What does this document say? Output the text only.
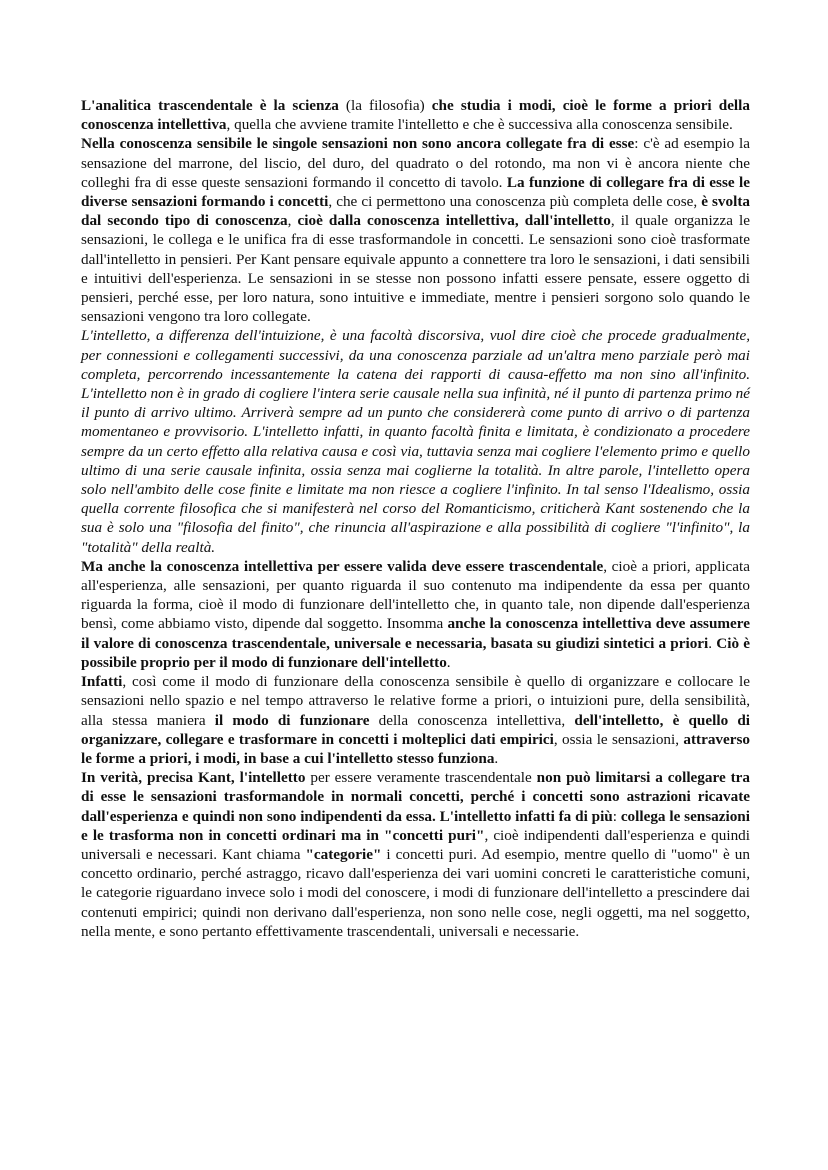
L'analitica trascendentale è la scienza (la filosofia) che studia i modi, cioè le forme a priori della conoscenza intellettiva, quella che avviene tramite l'intelletto e che è successiva alla conoscenza sensibile.

Nella conoscenza sensibile le singole sensazioni non sono ancora collegate fra di esse: c'è ad esempio la sensazione del marrone, del liscio, del duro, del quadrato o del rotondo, ma non vi è ancora niente che colleghi fra di esse queste sensazioni formando il concetto di tavolo. La funzione di collegare fra di esse le diverse sensazioni formando i concetti, che ci permettono una conoscenza più completa delle cose, è svolta dal secondo tipo di conoscenza, cioè dalla conoscenza intellettiva, dall'intelletto, il quale organizza le sensazioni, le collega e le unifica fra di esse trasformandole in concetti. Le sensazioni sono cioè trasformate dall'intelletto in pensieri. Per Kant pensare equivale appunto a connettere tra loro le sensazioni, i dati sensibili e intuitivi dell'esperienza. Le sensazioni in se stesse non possono infatti essere pensate, essere oggetto di pensieri, perché esse, per loro natura, sono intuitive e immediate, mentre i pensieri sorgono solo quando le sensazioni vengono tra loro collegate.

L'intelletto, a differenza dell'intuizione, è una facoltà discorsiva, vuol dire cioè che procede gradualmente, per connessioni e collegamenti successivi, da una conoscenza parziale ad un'altra meno parziale però mai completa, percorrendo incessantemente la catena dei rapporti di causa-effetto ma non sino all'infinito. L'intelletto non è in grado di cogliere l'intera serie causale nella sua infinità, né il punto di partenza primo né il punto di arrivo ultimo. Arriverà sempre ad un punto che considererà come punto di arrivo o di partenza momentaneo e provvisorio. L'intelletto infatti, in quanto facoltà finita e limitata, è condizionato a procedere sempre da un certo effetto alla relativa causa e così via, tuttavia senza mai cogliere l'elemento primo e quello ultimo di una serie causale infinita, ossia senza mai coglierne la totalità. In altre parole, l'intelletto opera solo nell'ambito delle cose finite e limitate ma non riesce a cogliere l'infinito. In tal senso l'Idealismo, ossia quella corrente filosofica che si manifesterà nel corso del Romanticismo, criticherà Kant sostenendo che la sua è solo una "filosofia del finito", che rinuncia all'aspirazione e alla possibilità di cogliere "l'infinito", la "totalità" della realtà.

Ma anche la conoscenza intellettiva per essere valida deve essere trascendentale, cioè a priori, applicata all'esperienza, alle sensazioni, per quanto riguarda il suo contenuto ma indipendente da essa per quanto riguarda la forma, cioè il modo di funzionare dell'intelletto che, in quanto tale, non dipende dall'esperienza bensì, come abbiamo visto, dipende dal soggetto. Insomma anche la conoscenza intellettiva deve assumere il valore di conoscenza trascendentale, universale e necessaria, basata su giudizi sintetici a priori. Ciò è possibile proprio per il modo di funzionare dell'intelletto.

Infatti, così come il modo di funzionare della conoscenza sensibile è quello di organizzare e collocare le sensazioni nello spazio e nel tempo attraverso le relative forme a priori, o intuizioni pure, della sensibilità, alla stessa maniera il modo di funzionare della conoscenza intellettiva, dell'intelletto, è quello di organizzare, collegare e trasformare in concetti i molteplici dati empirici, ossia le sensazioni, attraverso le forme a priori, i modi, in base a cui l'intelletto stesso funziona.

In verità, precisa Kant, l'intelletto per essere veramente trascendentale non può limitarsi a collegare tra di esse le sensazioni trasformandole in normali concetti, perché i concetti sono astrazioni ricavate dall'esperienza e quindi non sono indipendenti da essa. L'intelletto infatti fa di più: collega le sensazioni e le trasforma non in concetti ordinari ma in "concetti puri", cioè indipendenti dall'esperienza e quindi universali e necessari. Kant chiama "categorie" i concetti puri. Ad esempio, mentre quello di "uomo" è un concetto ordinario, perché astraggo, ricavo dall'esperienza dei vari uomini concreti le caratteristiche comuni, le categorie riguardano invece solo i modi del conoscere, i modi di funzionare dell'intelletto a prescindere dai contenuti empirici; quindi non derivano dall'esperienza, non sono nelle cose, negli oggetti, ma nel soggetto, nella mente, e sono pertanto effettivamente trascendentali, universali e necessarie.
